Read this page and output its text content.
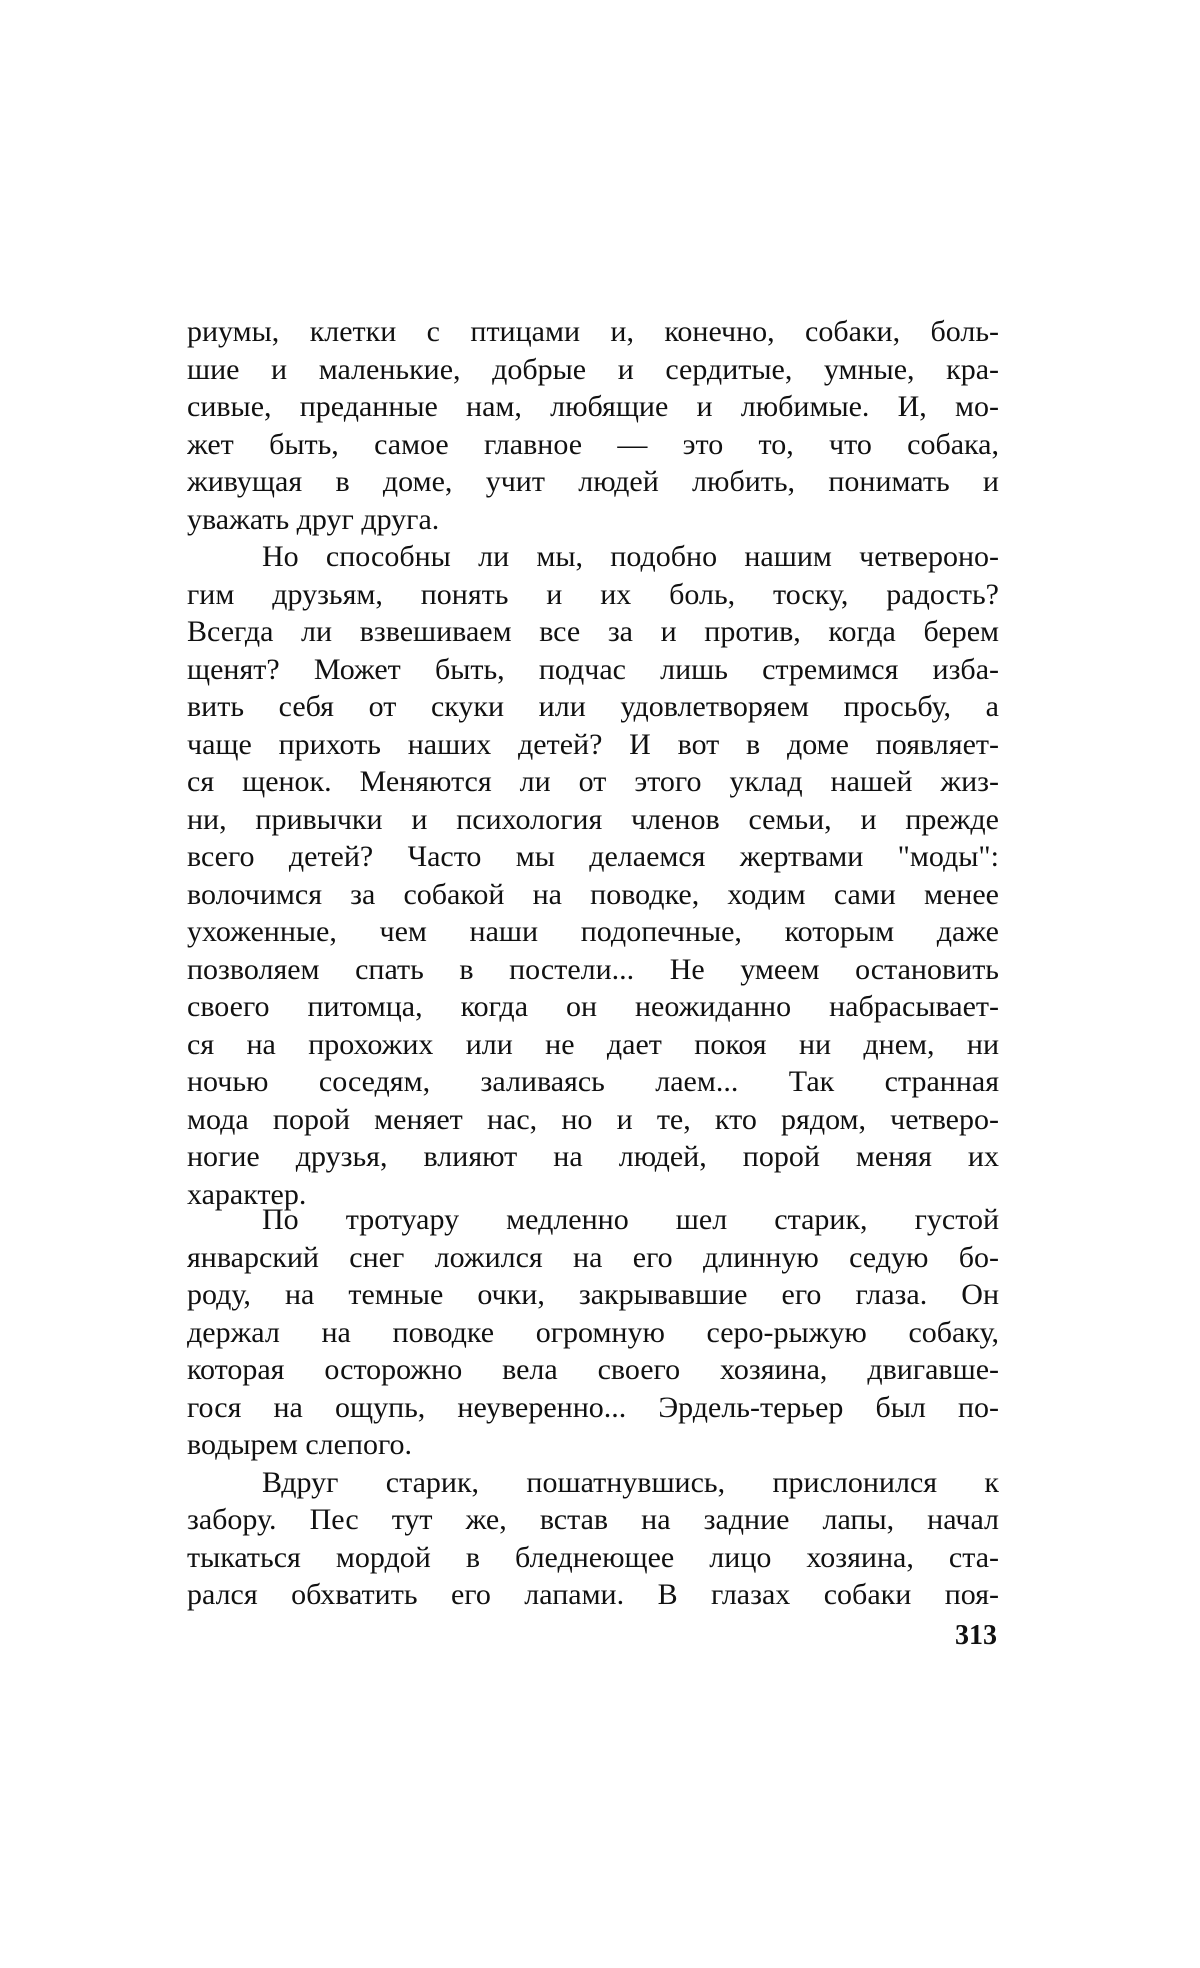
риумы, клетки с птицами и, конечно, собаки, боль-
шие и маленькие, добрые и сердитые, умные, кра-
сивые, преданные нам, любящие и любимые. И, мо-
жет быть, самое главное — это то, что собака,
живущая в доме, учит людей любить, понимать и
уважать друг друга.
Но способны ли мы, подобно нашим четвероно-
гим друзьям, понять и их боль, тоску, радость?
Всегда ли взвешиваем все за и против, когда берем
щенят? Может быть, подчас лишь стремимся изба-
вить себя от скуки или удовлетворяем просьбу, а
чаще прихоть наших детей? И вот в доме появляет-
ся щенок. Меняются ли от этого уклад нашей жиз-
ни, привычки и психология членов семьи, и прежде
всего детей? Часто мы делаемся жертвами "моды":
волочимся за собакой на поводке, ходим сами менее
ухоженные, чем наши подопечные, которым даже
позволяем спать в постели... Не умеем остановить
своего питомца, когда он неожиданно набрасывает-
ся на прохожих или не дает покоя ни днем, ни
ночью соседям, заливаясь лаем... Так странная
мода порой меняет нас, но и те, кто рядом, четверо-
ногие друзья, влияют на людей, порой меняя их
характер.
По тротуару медленно шел старик, густой
январский снег ложился на его длинную седую бо-
роду, на темные очки, закрывавшие его глаза. Он
держал на поводке огромную серо-рыжую собаку,
которая осторожно вела своего хозяина, двигавше-
гося на ощупь, неуверенно... Эрдель-терьер был по-
водырем слепого.
Вдруг старик, пошатнувшись, прислонился к
забору. Пес тут же, встав на задние лапы, начал
тыкаться мордой в бледнеющее лицо хозяина, ста-
рался обхватить его лапами. В глазах собаки поя-
313
